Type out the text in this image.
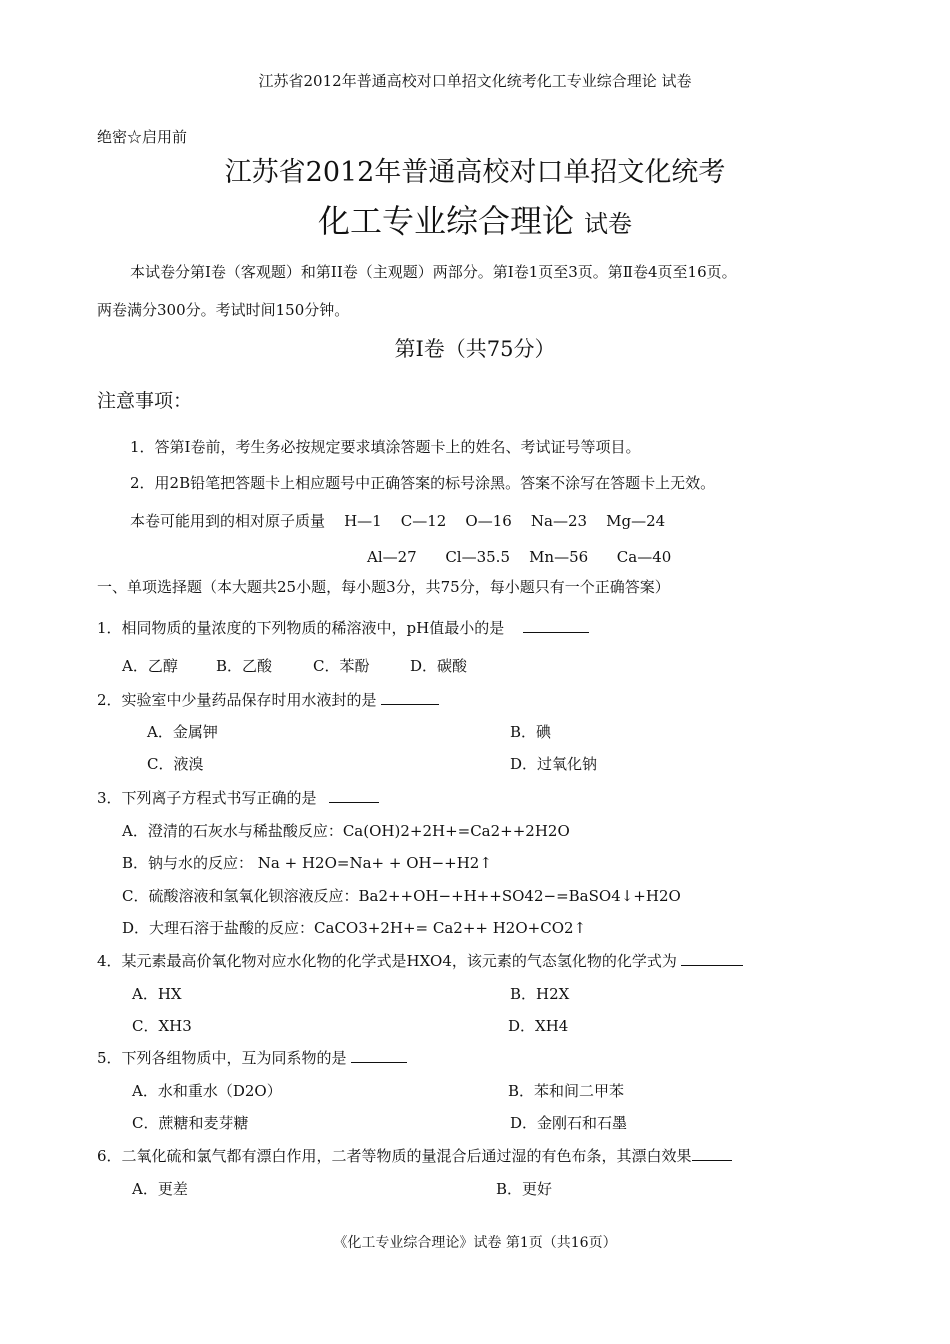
江苏省2012年普通高校对口单招文化统考化工专业综合理论 试卷
绝密☆启用前
江苏省2012年普通高校对口单招文化统考
化工专业综合理论 试卷
本试卷分第I卷（客观题）和第II卷（主观题）两部分。第I卷1页至3页。第Ⅱ卷4页至16页。
两卷满分300分。考试时间150分钟。
第I卷（共75分）
注意事项：
1．答第I卷前，考生务必按规定要求填涂答题卡上的姓名、考试证号等项目。
2．用2B铅笔把答题卡上相应题号中正确答案的标号涂黑。答案不涂写在答题卡上无效。
本卷可能用到的相对原子质量 H—1    C—12    O—16    Na—23    Mg—24
Al—27      Cl—35.5    Mn—56      Ca—40
一、单项选择题（本大题共25小题，每小题3分，共75分，每小题只有一个正确答案）
1．相同物质的量浓度的下列物质的稀溶液中，pH值最小的是
A．乙醇	B．乙酸	C．苯酚	D．碳酸
2．实验室中少量药品保存时用水液封的是
A．金属钾	B．碘
C．液溴	D．过氧化钠
3．下列离子方程式书写正确的是
A．澄清的石灰水与稀盐酸反应：Ca(OH)2+2H+=Ca2++2H2O
B．钠与水的反应： Na + H2O=Na+ + OH−+H2↑
C．硫酸溶液和氢氧化钡溶液反应：Ba2++OH−+H++SO42−=BaSO4↓+H2O
D．大理石溶于盐酸的反应：CaCO3+2H+= Ca2++ H2O+CO2↑
4．某元素最高价氧化物对应水化物的化学式是HXO4，该元素的气态氢化物的化学式为
A．HX	B．H2X
C．XH3	D．XH4
5．下列各组物质中，互为同系物的是
A．水和重水（D2O）	B．苯和间二甲苯
C．蔗糖和麦芽糖	D．金刚石和石墨
6．二氧化硫和氯气都有漂白作用，二者等物质的量混合后通过湿的有色布条，其漂白效果
A．更差	B．更好
《化工专业综合理论》试卷 第1页（共16页）
